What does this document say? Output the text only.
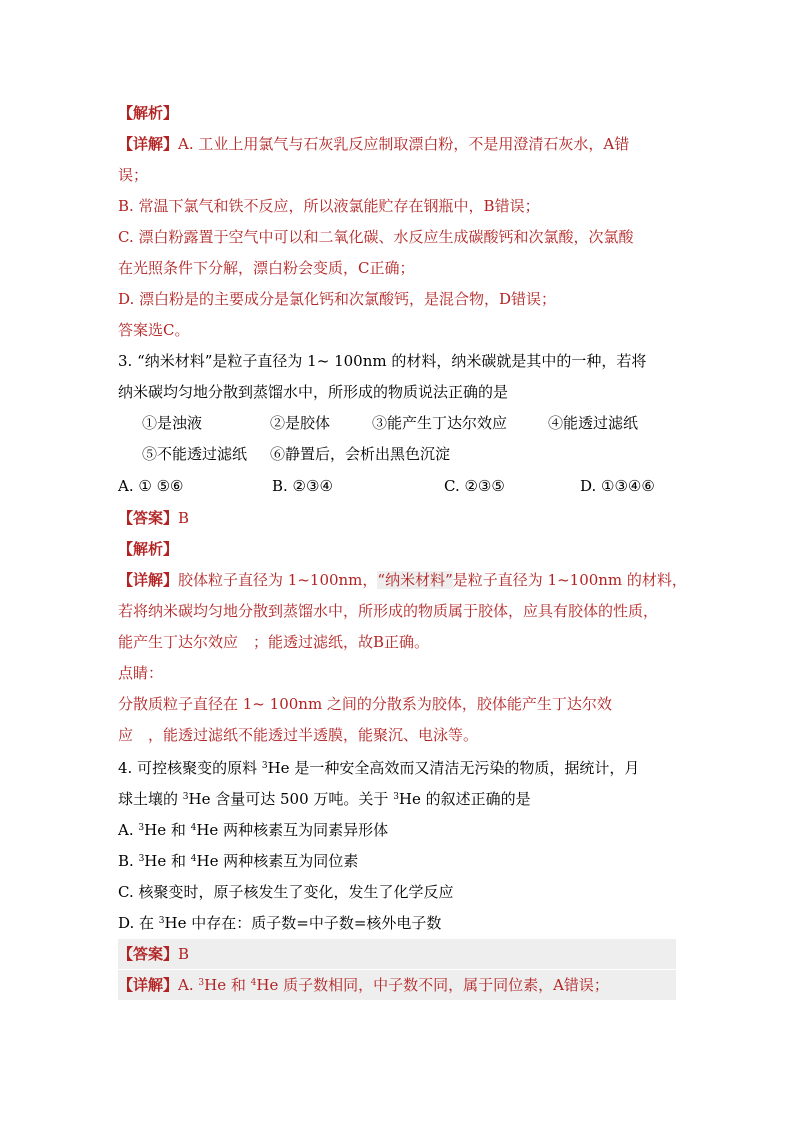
【解析】
【详解】A. 工业上用氯气与石灰乳反应制取漂白粉，不是用澄清石灰水，A错
误；
B. 常温下氯气和铁不反应，所以液氯能贮存在钢瓶中，B错误；
C. 漂白粉露置于空气中可以和二氧化碳、水反应生成碳酸钙和次氯酸，次氯酸
在光照条件下分解，漂白粉会变质，C正确；
D. 漂白粉是的主要成分是氯化钙和次氯酸钙，是混合物，D错误；
答案选C。
3. “纳米材料”是粒子直径为 1~ 100nm 的材料，纳米碳就是其中的一种，若将
纳米碳均匀地分散到蒸馏水中，所形成的物质说法正确的是
①是浊液	②是胶体	③能产生丁达尔效应	④能透过滤纸
⑤不能透过滤纸 ⑥静置后，会析出黑色沉淀
A. ① ⑤⑥	B. ②③④	C. ②③⑤	D. ①③④⑥
【答案】B
【解析】
【详解】胶体粒子直径为 1~100nm，“纳米材料”是粒子直径为 1~100nm 的材料，
若将纳米碳均匀地分散到蒸馏水中，所形成的物质属于胶体，应具有胶体的性质，
能产生丁达尔效应　；能透过滤纸，故B正确。
点睛：
分散质粒子直径在 1~ 100nm 之间的分散系为胶体，胶体能产生丁达尔效
应　，能透过滤纸不能透过半透膜，能聚沉、电泳等。
4. 可控核聚变的原料 $^3$He 是一种安全高效而又清洁无污染的物质，据统计，月
球土壤的 $^3$He 含量可达 500 万吨。关于 $^3$He 的叙述正确的是
A. $^3$He 和 $^4$He 两种核素互为同素异形体
B. $^3$He 和 $^4$He 两种核素互为同位素
C. 核聚变时，原子核发生了变化，发生了化学反应
D. 在 $^3$He 中存在：质子数=中子数=核外电子数
【答案】B
【详解】A. $^3$He 和 $^4$He 质子数相同，中子数不同，属于同位素，A错误；
